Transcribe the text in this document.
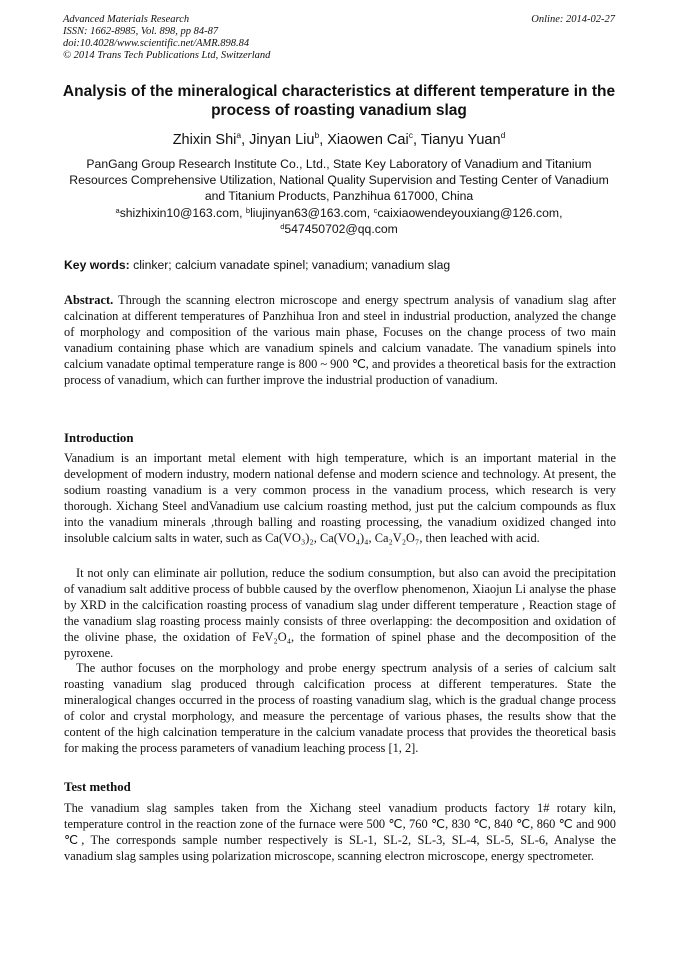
Advanced Materials Research
ISSN: 1662-8985, Vol. 898, pp 84-87
doi:10.4028/www.scientific.net/AMR.898.84
© 2014 Trans Tech Publications Ltd, Switzerland
Online: 2014-02-27
Analysis of the mineralogical characteristics at different temperature in the process of roasting vanadium slag
Zhixin Shi$^a$, Jinyan Liu$^b$, Xiaowen Cai$^c$, Tianyu Yuan$^d$
PanGang Group Research Institute Co., Ltd., State Key Laboratory of Vanadium and Titanium Resources Comprehensive Utilization, National Quality Supervision and Testing Center of Vanadium and Titanium Products, Panzhihua 617000, China
$^a$shizhixin10@163.com, $^b$liujinyan63@163.com, $^c$caixiaowendeyouxiang@126.com,
$^d$547450702@qq.com
Key words: clinker; calcium vanadate spinel; vanadium; vanadium slag

Abstract. Through the scanning electron microscope and energy spectrum analysis of vanadium slag after calcination at different temperatures of Panzhihua Iron and steel in industrial production, analyzed the change of morphology and composition of the various main phase, Focuses on the change process of two main vanadium containing phase which are vanadium spinels and calcium vanadate. The vanadium spinels into calcium vanadate optimal temperature range is 800 ~ 900 ℃, and provides a theoretical basis for the extraction process of vanadium, which can further improve the industrial production of vanadium.

Introduction

Vanadium is an important metal element with high temperature, which is an important material in the development of modern industry, modern national defense and modern science and technology. At present, the sodium roasting vanadium is a very common process in the vanadium process, which research is very thorough. Xichang Steel andVanadium use calcium roasting method, just put the calcium compounds as flux into the vanadium minerals ,through balling and roasting processing, the vanadium oxidized changed into insoluble calcium salts in water, such as Ca(VO₃)₂, Ca(VO₄)₄, Ca₂V₂O₇, then leached with acid.

It not only can eliminate air pollution, reduce the sodium consumption, but also can avoid the precipitation of vanadium salt additive process of bubble caused by the overflow phenomenon, Xiaojun Li analyse the phase by XRD in the calcification roasting process of vanadium slag under different temperature , Reaction stage of the vanadium slag roasting process mainly consists of three overlapping: the decomposition and oxidation of the olivine phase, the oxidation of FeV₂O₄, the formation of spinel phase and the decomposition of the pyroxene.

The author focuses on the morphology and probe energy spectrum analysis of a series of calcium salt roasting vanadium slag produced through calcification process at different temperatures. State the mineralogical changes occurred in the process of roasting vanadium slag, which is the gradual change process of color and crystal morphology, and measure the percentage of various phases, the results show that the content of the high calcination temperature in the calcium vanadate process that provides the theoretical basis for making the process parameters of vanadium leaching process [1, 2].

Test method

The vanadium slag samples taken from the Xichang steel vanadium products factory 1# rotary kiln, temperature control in the reaction zone of the furnace were 500 ℃, 760 ℃, 830 ℃, 840 ℃, 860 ℃ and 900 ℃, The corresponds sample number respectively is SL-1, SL-2, SL-3, SL-4, SL-5, SL-6, Analyse the vanadium slag samples using polarization microscope, scanning electron microscope, energy spectrometer.
